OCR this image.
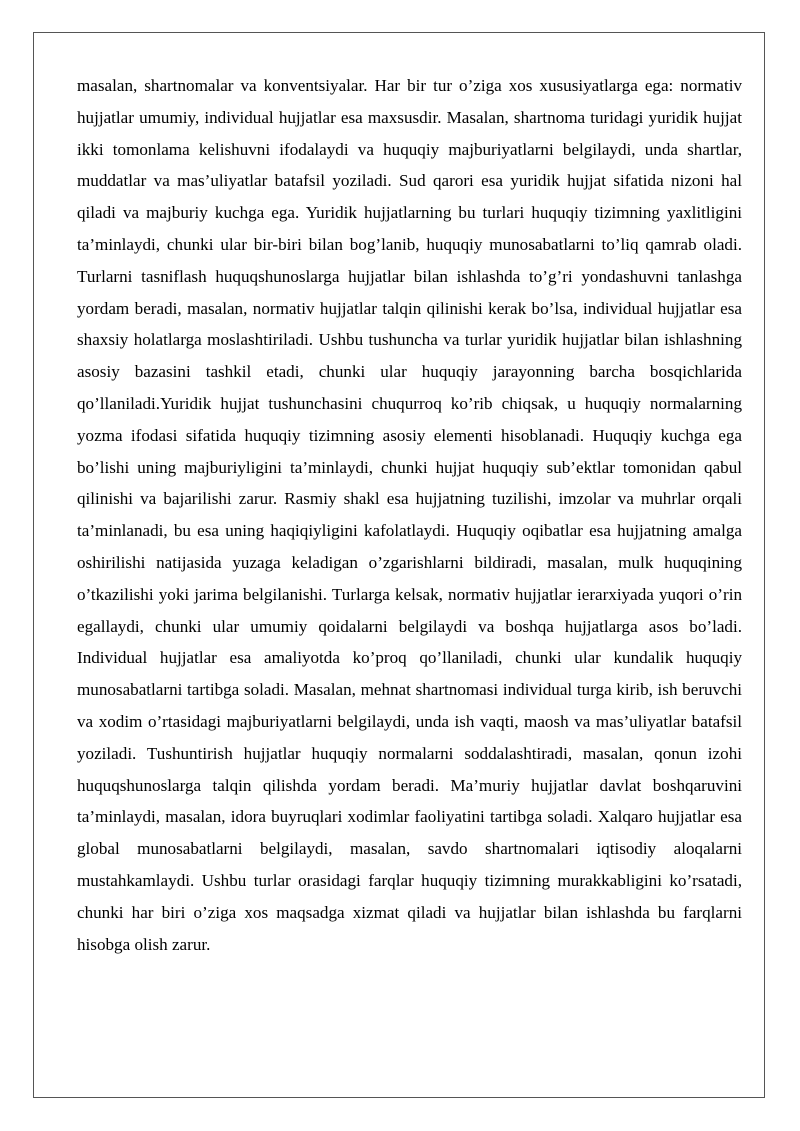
masalan, shartnomalar va konventsiyalar. Har bir tur o’ziga xos xususiyatlarga ega: normativ hujjatlar umumiy, individual hujjatlar esa maxsusdir. Masalan, shartnoma turidagi yuridik hujjat ikki tomonlama kelishuvni ifodalaydi va huquqiy majburiyatlarni belgilaydi, unda shartlar, muddatlar va mas’uliyatlar batafsil yoziladi. Sud qarori esa yuridik hujjat sifatida nizoni hal qiladi va majburiy kuchga ega. Yuridik hujjatlarning bu turlari huquqiy tizimning yaxlitligini ta’minlaydi, chunki ular bir-biri bilan bog’lanib, huquqiy munosabatlarni to’liq qamrab oladi. Turlarni tasniflash huquqshunoslarga hujjatlar bilan ishlashda to’g’ri yondashuvni tanlashga yordam beradi, masalan, normativ hujjatlar talqin qilinishi kerak bo’lsa, individual hujjatlar esa shaxsiy holatlarga moslashtiriladi. Ushbu tushuncha va turlar yuridik hujjatlar bilan ishlashning asosiy bazasini tashkil etadi, chunki ular huquqiy jarayonning barcha bosqichlarida qo’llaniladi.Yuridik hujjat tushunchasini chuqurroq ko’rib chiqsak, u huquqiy normalarning yozma ifodasi sifatida huquqiy tizimning asosiy elementi hisoblanadi. Huquqiy kuchga ega bo’lishi uning majburiyligini ta’minlaydi, chunki hujjat huquqiy sub’ektlar tomonidan qabul qilinishi va bajarilishi zarur. Rasmiy shakl esa hujjatning tuzilishi, imzolar va muhrlar orqali ta’minlanadi, bu esa uning haqiqiyligini kafolatlaydi. Huquqiy oqibatlar esa hujjatning amalga oshirilishi natijasida yuzaga keladigan o’zgarishlarni bildiradi, masalan, mulk huquqining o’tkazilishi yoki jarima belgilanishi. Turlarga kelsak, normativ hujjatlar ierarxiyada yuqori o’rin egallaydi, chunki ular umumiy qoidalarni belgilaydi va boshqa hujjatlarga asos bo’ladi. Individual hujjatlar esa amaliyotda ko’proq qo’llaniladi, chunki ular kundalik huquqiy munosabatlarni tartibga soladi. Masalan, mehnat shartnomasi individual turga kirib, ish beruvchi va xodim o’rtasidagi majburiyatlarni belgilaydi, unda ish vaqti, maosh va mas’uliyatlar batafsil yoziladi. Tushuntirish hujjatlar huquqiy normalarni soddalashtiradi, masalan, qonun izohi huquqshunoslarga talqin qilishda yordam beradi. Ma’muriy hujjatlar davlat boshqaruvini ta’minlaydi, masalan, idora buyruqlari xodimlar faoliyatini tartibga soladi. Xalqaro hujjatlar esa global munosabatlarni belgilaydi, masalan, savdo shartnomalari iqtisodiy aloqalarni mustahkamlaydi. Ushbu turlar orasidagi farqlar huquqiy tizimning murakkabligini ko’rsatadi, chunki har biri o’ziga xos maqsadga xizmat qiladi va hujjatlar bilan ishlashda bu farqlarni hisobga olish zarur.
